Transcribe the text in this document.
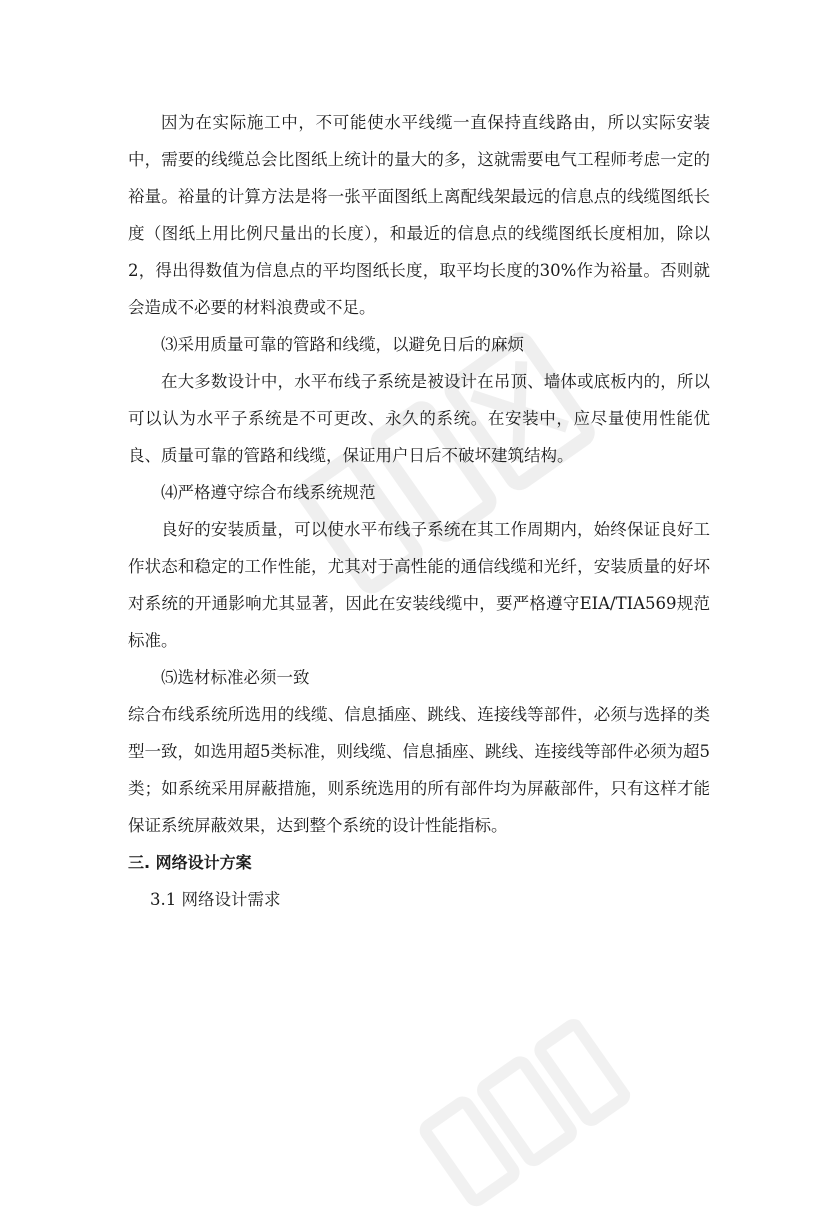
因为在实际施工中，不可能使水平线缆一直保持直线路由，所以实际安装中，需要的线缆总会比图纸上统计的量大的多，这就需要电气工程师考虑一定的裕量。裕量的计算方法是将一张平面图纸上离配线架最远的信息点的线缆图纸长度（图纸上用比例尺量出的长度），和最近的信息点的线缆图纸长度相加，除以2，得出得数值为信息点的平均图纸长度，取平均长度的30%作为裕量。否则就会造成不必要的材料浪费或不足。

⑶采用质量可靠的管路和线缆，以避免日后的麻烦

在大多数设计中，水平布线子系统是被设计在吊顶、墙体或底板内的，所以可以认为水平子系统是不可更改、永久的系统。在安装中，应尽量使用性能优良、质量可靠的管路和线缆，保证用户日后不破坏建筑结构。

⑷严格遵守综合布线系统规范

良好的安装质量，可以使水平布线子系统在其工作周期内，始终保证良好工作状态和稳定的工作性能，尤其对于高性能的通信线缆和光纤，安装质量的好坏对系统的开通影响尤其显著，因此在安装线缆中，要严格遵守EIA/TIA569规范标准。

⑸选材标准必须一致

综合布线系统所选用的线缆、信息插座、跳线、连接线等部件，必须与选择的类型一致，如选用超5类标准，则线缆、信息插座、跳线、连接线等部件必须为超5类；如系统采用屏蔽措施，则系统选用的所有部件均为屏蔽部件，只有这样才能保证系统屏蔽效果，达到整个系统的设计性能指标。

三. 网络设计方案

3.1 网络设计需求
